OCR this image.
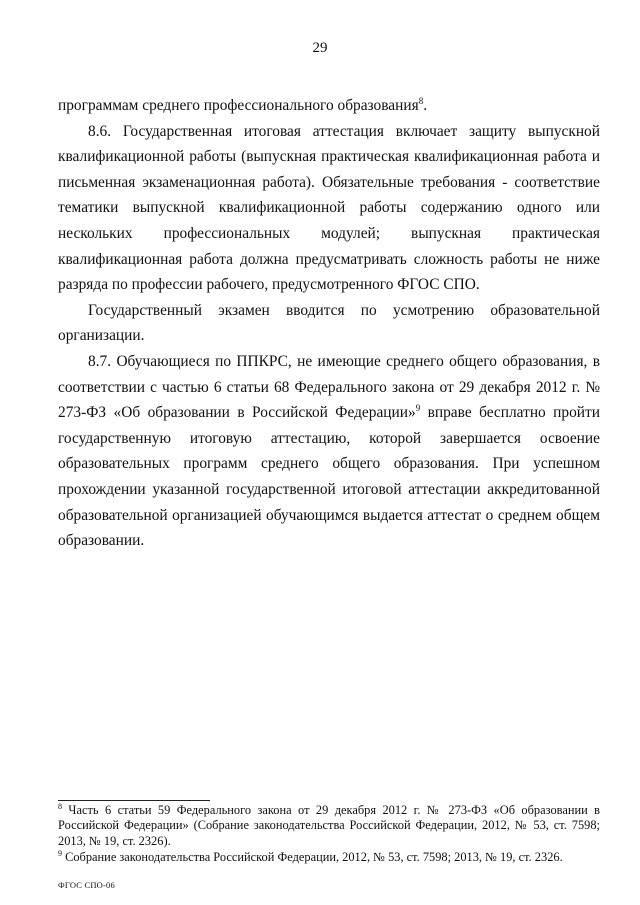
29

программам среднего профессионального образования$^8$.

8.6. Государственная итоговая аттестация включает защиту выпускной квалификационной работы (выпускная практическая квалификационная работа и письменная экзаменационная работа). Обязательные требования - соответствие тематики выпускной квалификационной работы содержанию одного или нескольких профессиональных модулей; выпускная практическая квалификационная работа должна предусматривать сложность работы не ниже разряда по профессии рабочего, предусмотренного ФГОС СПО.

Государственный экзамен вводится по усмотрению образовательной организации.

8.7. Обучающиеся по ППКРС, не имеющие среднего общего образования, в соответствии с частью 6 статьи 68 Федерального закона от 29 декабря 2012 г. № 273-ФЗ «Об образовании в Российской Федерации»$^9$ вправе бесплатно пройти государственную итоговую аттестацию, которой завершается освоение образовательных программ среднего общего образования. При успешном прохождении указанной государственной итоговой аттестации аккредитованной образовательной организацией обучающимся выдается аттестат о среднем общем образовании.

$^8$ Часть 6 статьи 59 Федерального закона от 29 декабря 2012 г. № 273-ФЗ «Об образовании в Российской Федерации» (Собрание законодательства Российской Федерации, 2012, № 53, ст. 7598; 2013, № 19, ст. 2326).

$^9$ Собрание законодательства Российской Федерации, 2012, № 53, ст. 7598; 2013, № 19, ст. 2326.

ФГОС СПО-06
